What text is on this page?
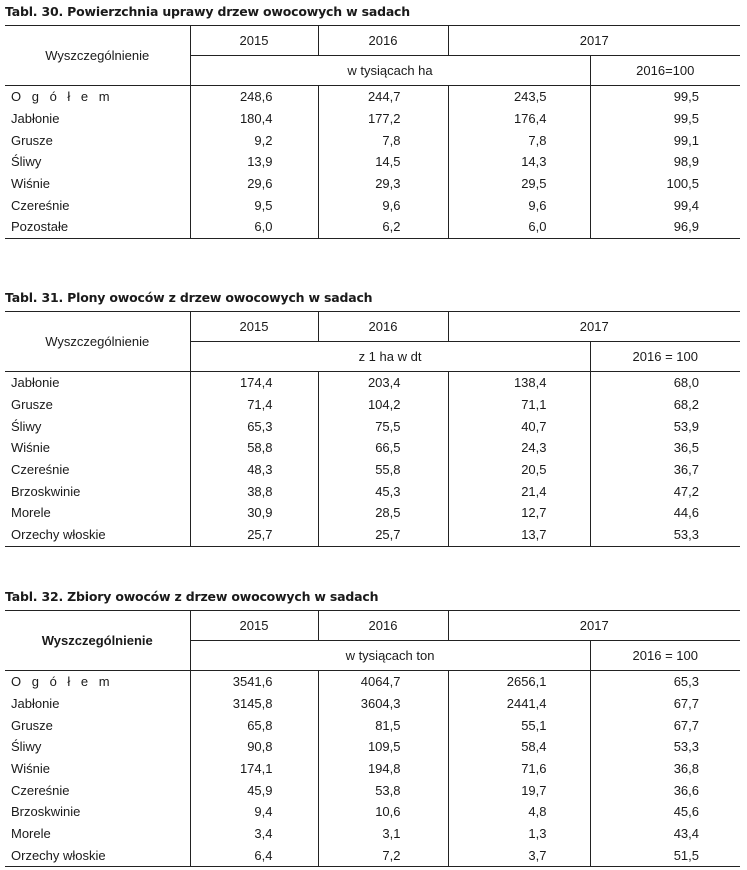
Tabl. 30. Powierzchnia uprawy drzew owocowych w sadach
Wyszczególnienie	2015	2016	2017	
	w tysiącach ha			2016=100
O g ó ł e m	248,6	244,7	243,5	99,5
Jabłonie	180,4	177,2	176,4	99,5
Grusze	9,2	7,8	7,8	99,1
Śliwy	13,9	14,5	14,3	98,9
Wiśnie	29,6	29,3	29,5	100,5
Czereśnie	9,5	9,6	9,6	99,4
Pozostałe	6,0	6,2	6,0	96,9
Tabl. 31. Plony owoców z drzew owocowych w sadach
Wyszczególnienie	2015	2016	2017	
	z 1 ha w dt			2016 = 100
Jabłonie	174,4	203,4	138,4	68,0
Grusze	71,4	104,2	71,1	68,2
Śliwy	65,3	75,5	40,7	53,9
Wiśnie	58,8	66,5	24,3	36,5
Czereśnie	48,3	55,8	20,5	36,7
Brzoskwinie	38,8	45,3	21,4	47,2
Morele	30,9	28,5	12,7	44,6
Orzechy włoskie	25,7	25,7	13,7	53,3
Tabl. 32. Zbiory owoców z drzew owocowych w sadach
Wyszczególnienie	2015	2016	2017	
	w tysiącach ton			2016 = 100
O g ó ł e m	3541,6	4064,7	2656,1	65,3
Jabłonie	3145,8	3604,3	2441,4	67,7
Grusze	65,8	81,5	55,1	67,7
Śliwy	90,8	109,5	58,4	53,3
Wiśnie	174,1	194,8	71,6	36,8
Czereśnie	45,9	53,8	19,7	36,6
Brzoskwinie	9,4	10,6	4,8	45,6
Morele	3,4	3,1	1,3	43,4
Orzechy włoskie	6,4	7,2	3,7	51,5
